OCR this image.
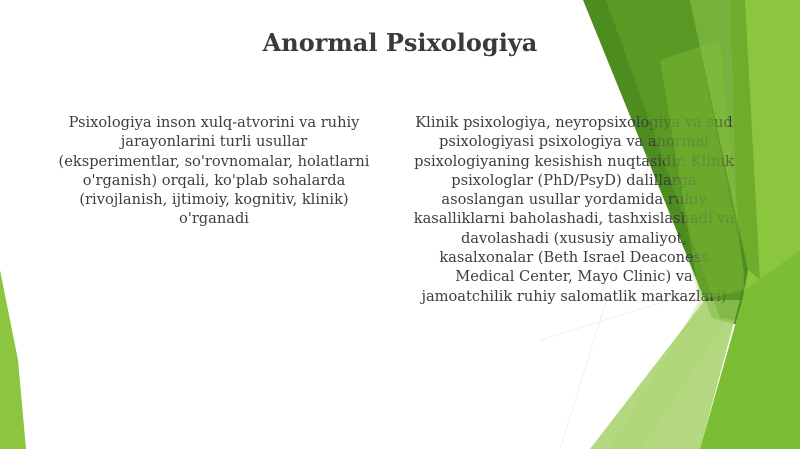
Anormal Psixologiya
Psixologiya inson xulq-atvorini va ruhiy jarayonlarini turli usullar (eksperimentlar, so'rovnomalar, holatlarni o'rganish) orqali, ko'plab sohalarda (rivojlanish, ijtimoiy, kognitiv, klinik) o'rganadi
Klinik psixologiya, neyropsixologiya va sud psixologiyasi psixologiya va anormal psixologiyaning kesishish nuqtasidir. Klinik psixologlar (PhD/PsyD) dalillarga asoslangan usullar yordamida ruhiy kasalliklarni baholashadi, tashxislashadi va davolashadi (xususiy amaliyot, kasalxonalar (Beth Israel Deaconess Medical Center, Mayo Clinic) va jamoatchilik ruhiy salomatlik markazlari)
